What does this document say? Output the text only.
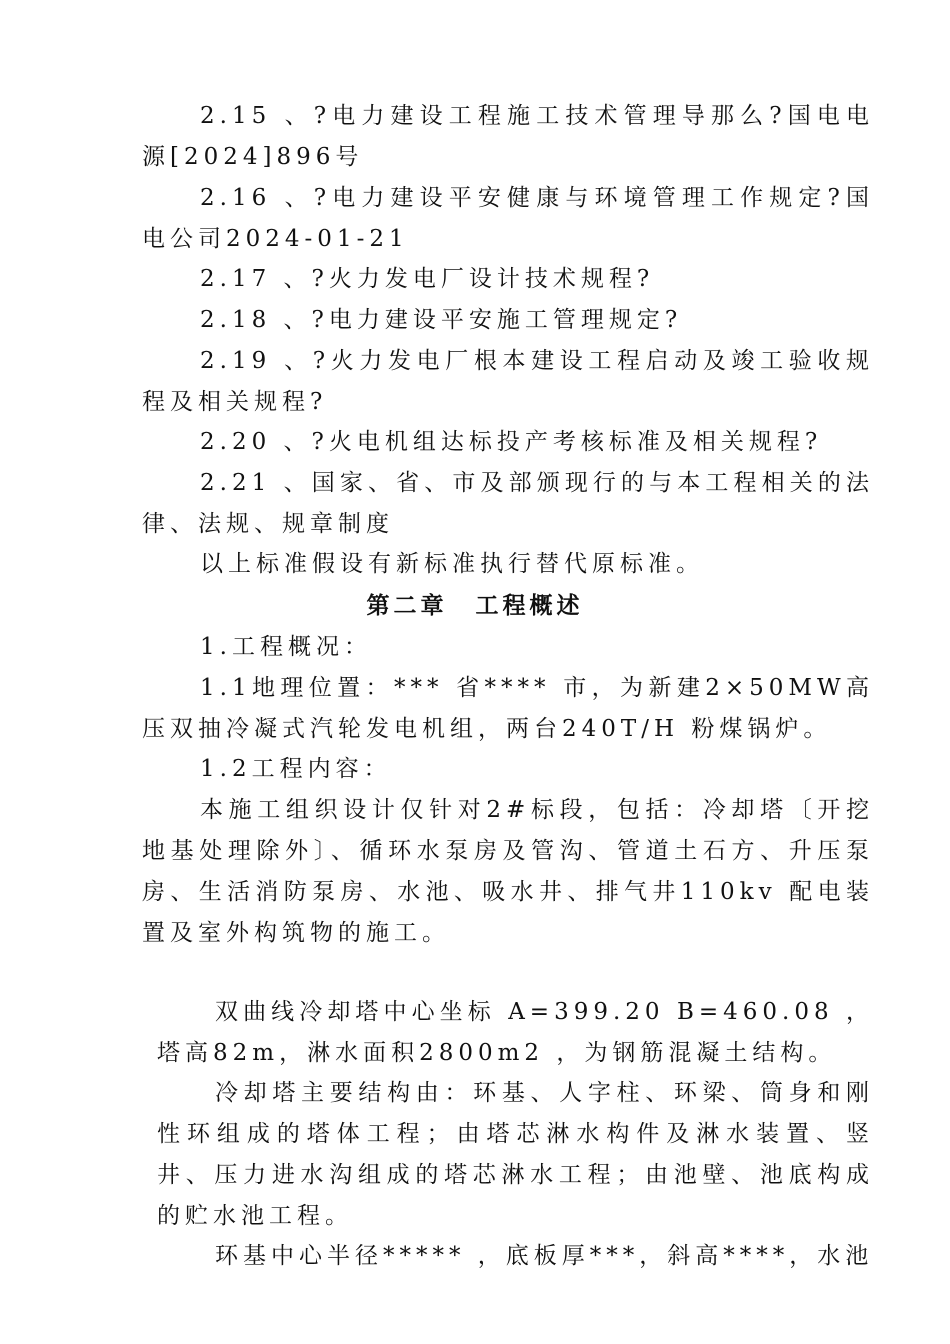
2.15 、?电力建设工程施工技术管理导那么?国电电源[2024]896号

2.16 、?电力建设平安健康与环境管理工作规定?国电公司2024-01-21

2.17 、?火力发电厂设计技术规程?

2.18 、?电力建设平安施工管理规定?

2.19 、?火力发电厂根本建设工程启动及竣工验收规程及相关规程?

2.20 、?火电机组达标投产考核标准及相关规程?

2.21 、国家、省、市及部颁现行的与本工程相关的法律、法规、规章制度

以上标准假设有新标准执行替代原标准。

第二章 工程概述

1.工程概况：

1.1地理位置：*** 省**** 市，为新建2×50MW高压双抽冷凝式汽轮发电机组，两台240T/H 粉煤锅炉。

1.2工程内容：

本施工组织设计仅针对2#标段，包括：冷却塔〔开挖地基处理除外〕、循环水泵房及管沟、管道土石方、升压泵房、生活消防泵房、水池、吸水井、排气井110kv 配电装置及室外构筑物的施工。

双曲线冷却塔中心坐标 A=399.20 B=460.08 ，塔高82m，淋水面积2800m2 ，为钢筋混凝土结构。

冷却塔主要结构由：环基、人字柱、环梁、筒身和刚性环组成的塔体工程；由塔芯淋水构件及淋水装置、竖井、压力进水沟组成的塔芯淋水工程；由池壁、池底构成的贮水池工程。

环基中心半径***** ，底板厚***，斜高****，水池
